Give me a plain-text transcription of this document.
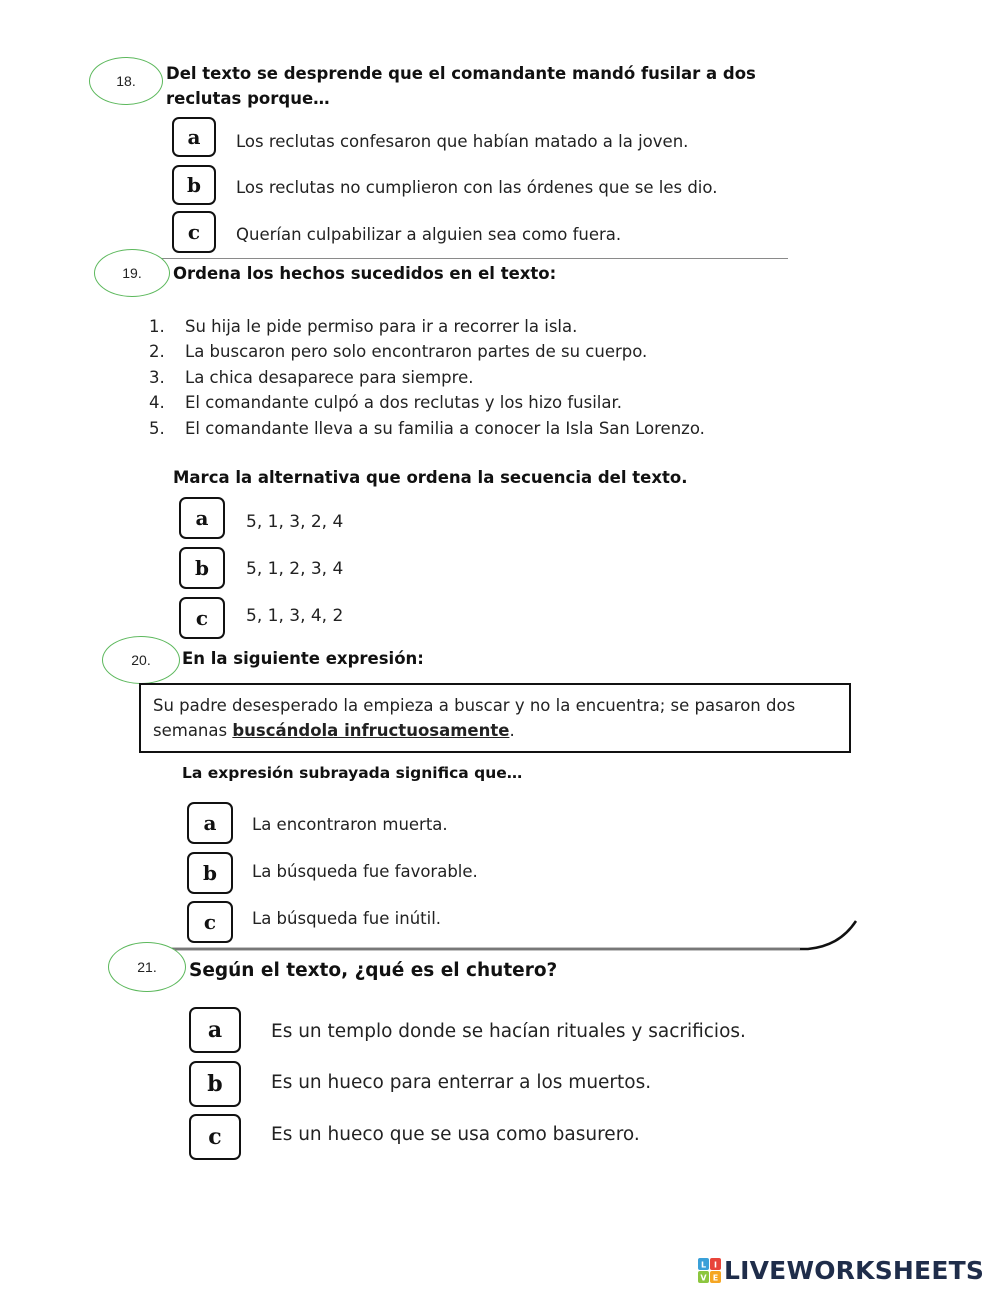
18.	Del texto se desprende que el comandante mandó fusilar a dos
reclutas porque…
a	Los reclutas confesaron que habían matado a la joven.
b	Los reclutas no cumplieron con las órdenes que se les dio.
c	Querían culpabilizar a alguien sea como fuera.
19.	Ordena los hechos sucedidos en el texto:
1. Su hija le pide permiso para ir a recorrer la isla.
2. La buscaron pero solo encontraron partes de su cuerpo.
3. La chica desaparece para siempre.
4. El comandante culpó a dos reclutas y los hizo fusilar.
5. El comandante lleva a su familia a conocer la Isla San Lorenzo.
Marca la alternativa que ordena la secuencia del texto.
a	5, 1, 3, 2, 4
b	5, 1, 2, 3, 4
c	5, 1, 3, 4, 2
20.	En la siguiente expresión:
Su padre desesperado la empieza a buscar y no la encuentra; se pasaron dos semanas buscándola infructuosamente.
La expresión subrayada significa que…
a	La encontraron muerta.
b	La búsqueda fue favorable.
c	La búsqueda fue inútil.
21.	Según el texto, ¿qué es el chutero?
a	Es un templo donde se hacían rituales y sacrificios.
b	Es un hueco para enterrar a los muertos.
c	Es un hueco que se usa como basurero.
L I
V E LIVEWORKSHEETS
